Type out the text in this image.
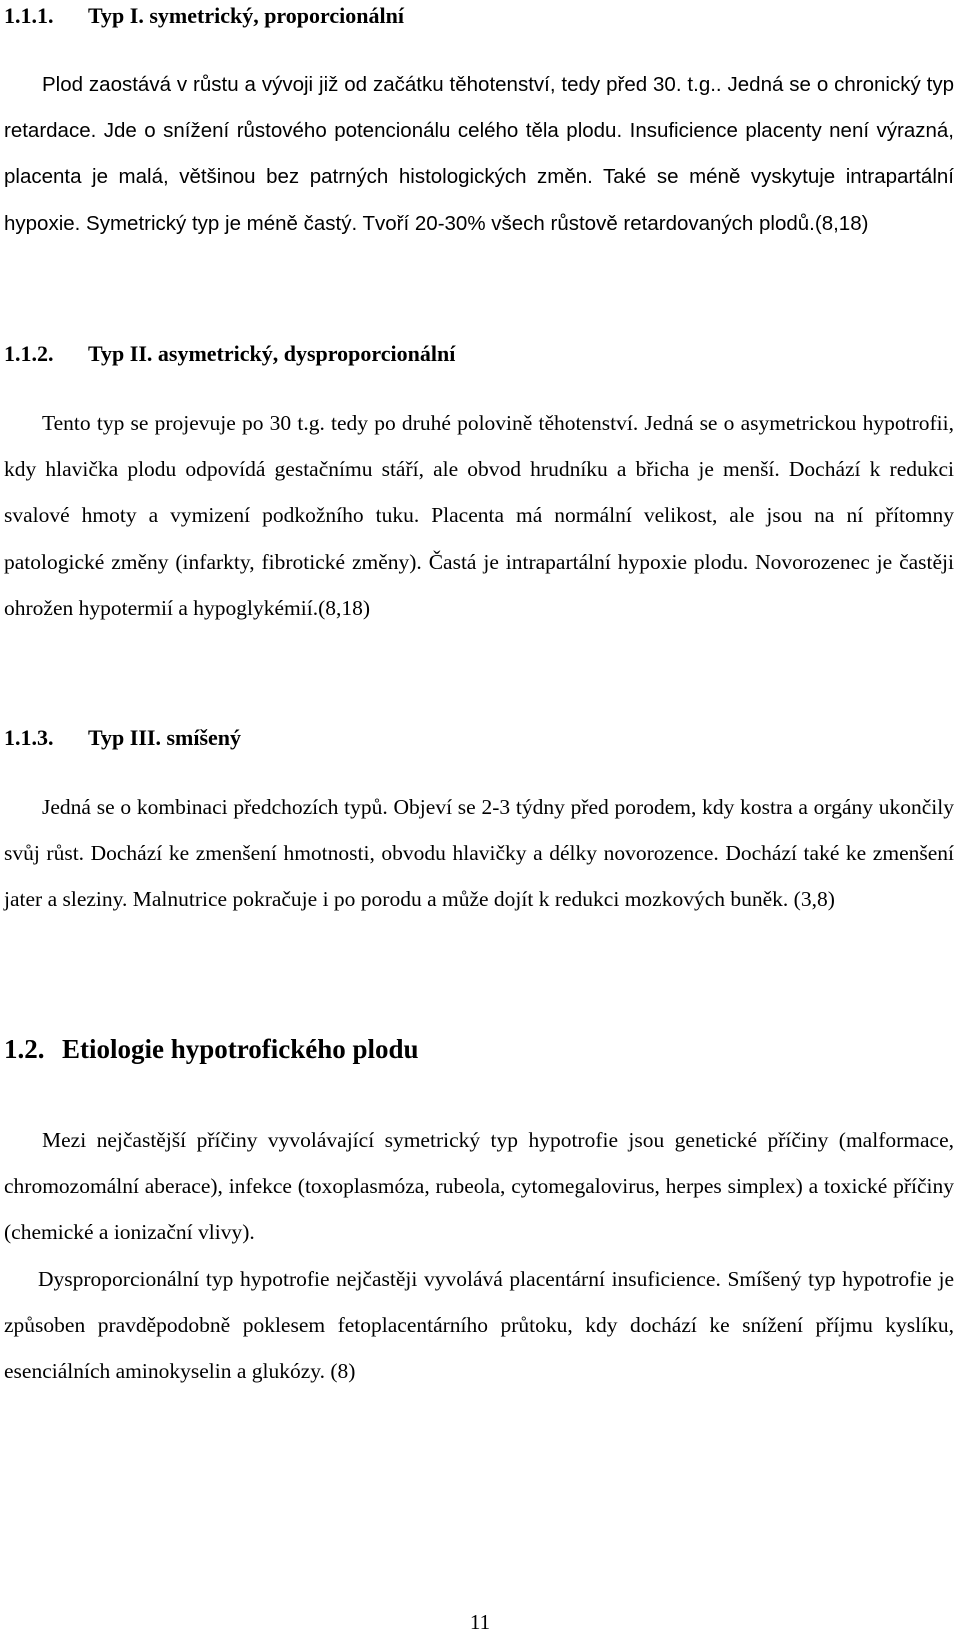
1.1.1. Typ I. symetrický, proporcionální

Plod zaostává v růstu a vývoji již od začátku těhotenství, tedy před 30. t.g.. Jedná se o chronický typ retardace. Jde o snížení růstového potencionálu celého těla plodu. Insuficience placenty není výrazná, placenta je malá, většinou bez patrných histologických změn. Také se méně vyskytuje intrapartální hypoxie. Symetrický typ je méně častý. Tvoří 20-30% všech růstově retardovaných plodů.(8,18)

1.1.2. Typ II. asymetrický, dysproporcionální

Tento typ se projevuje po 30 t.g. tedy po druhé polovině těhotenství. Jedná se o asymetrickou hypotrofii, kdy hlavička plodu odpovídá gestačnímu stáří, ale obvod hrudníku a břicha je menší. Dochází k redukci svalové hmoty a vymizení podkožního tuku. Placenta má normální velikost, ale jsou na ní přítomny patologické změny (infarkty, fibrotické změny). Častá je intrapartální hypoxie plodu. Novorozenec je častěji ohrožen hypotermií a hypoglykémií.(8,18)

1.1.3. Typ III. smíšený

Jedná se o kombinaci předchozích typů. Objeví se 2-3 týdny před porodem, kdy kostra a orgány ukončily svůj růst. Dochází ke zmenšení hmotnosti, obvodu hlavičky a délky novorozence. Dochází také ke zmenšení jater a sleziny. Malnutrice pokračuje i po porodu a může dojít k redukci mozkových buněk. (3,8)

1.2. Etiologie hypotrofického plodu

Mezi nejčastější příčiny vyvolávající symetrický typ hypotrofie jsou genetické příčiny (malformace, chromozomální aberace), infekce (toxoplasmóza, rubeola, cytomegalovirus, herpes simplex) a toxické příčiny (chemické a ionizační vlivy).

Dysproporcionální typ hypotrofie nejčastěji vyvolává placentární insuficience. Smíšený typ hypotrofie je způsoben pravděpodobně poklesem fetoplacentárního průtoku, kdy dochází ke snížení příjmu kyslíku, esenciálních aminokyselin a glukózy. (8)

11
